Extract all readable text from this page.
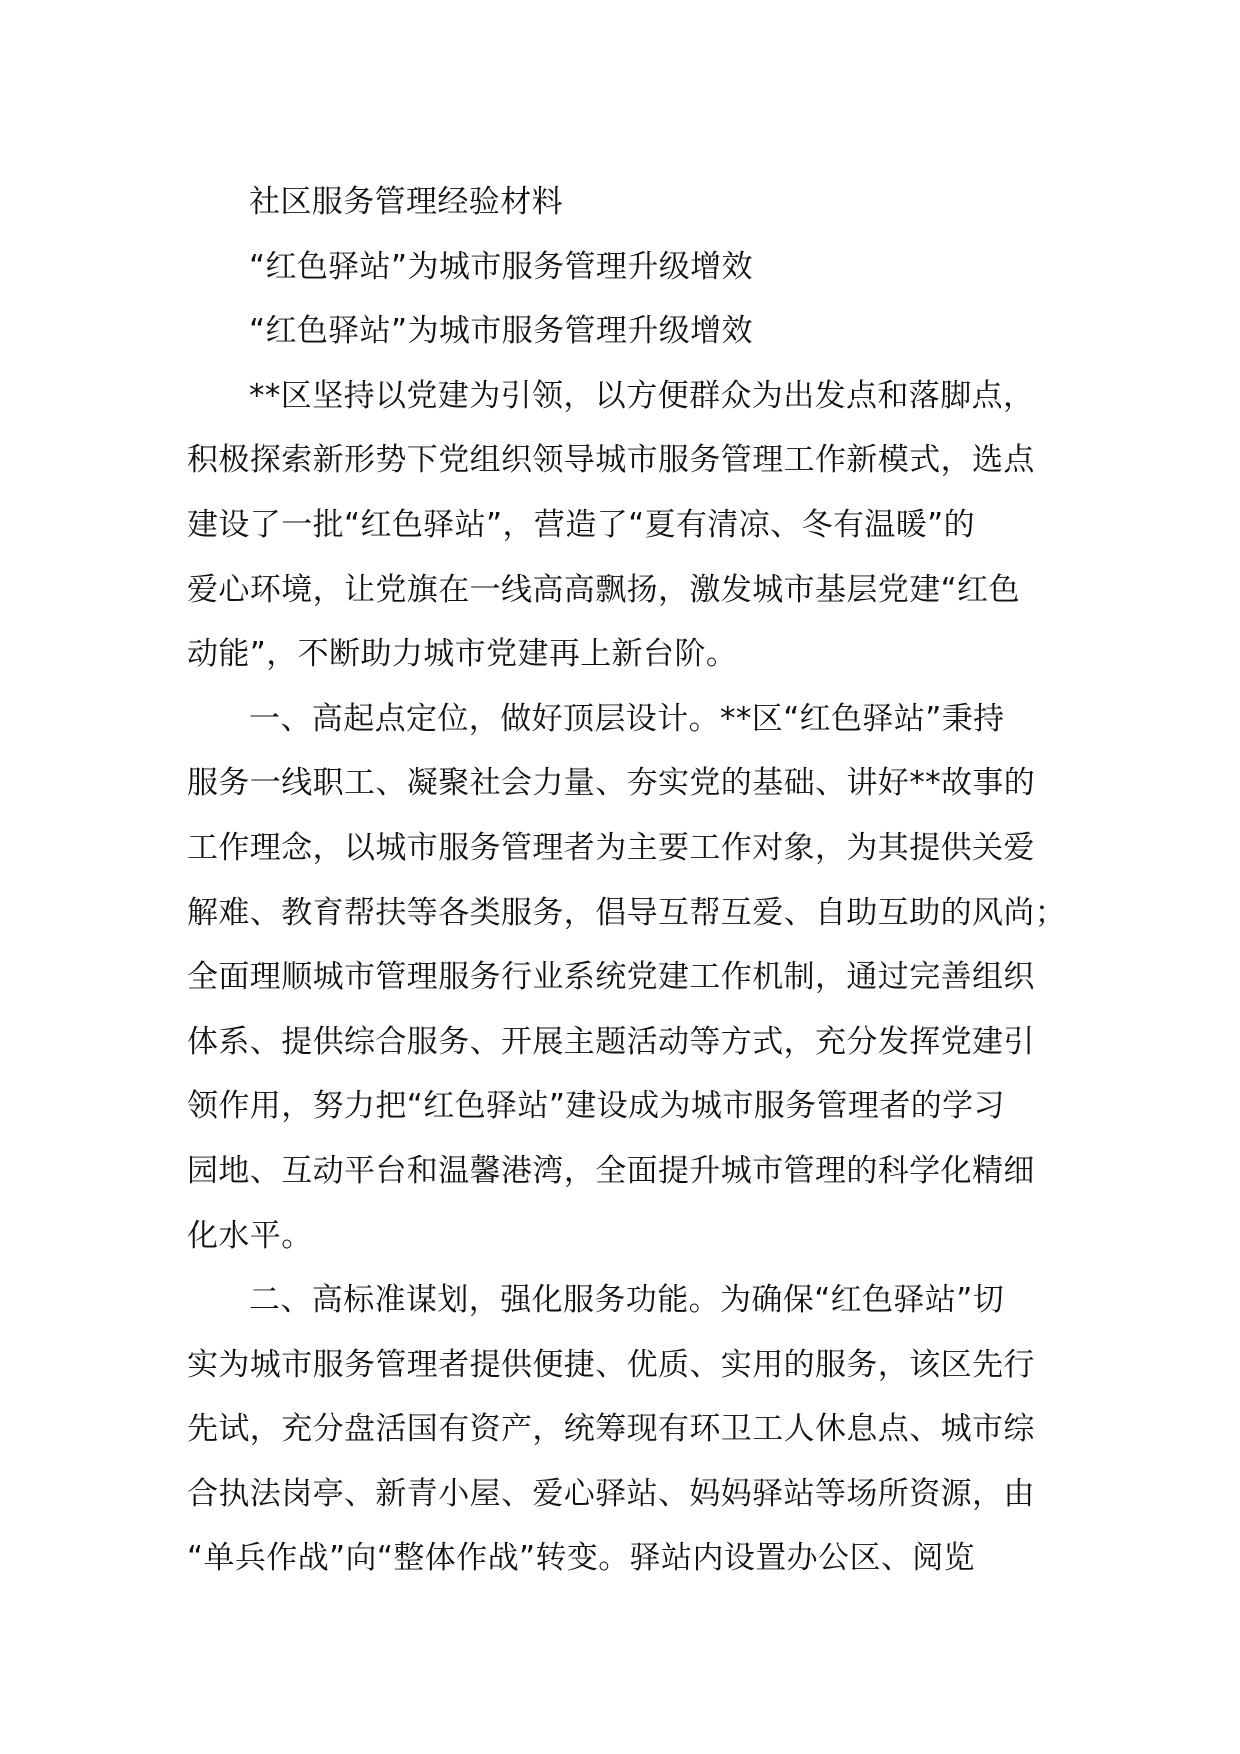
社区服务管理经验材料
“红色驿站”为城市服务管理升级增效
“红色驿站”为城市服务管理升级增效
**区坚持以党建为引领，以方便群众为出发点和落脚点，
积极探索新形势下党组织领导城市服务管理工作新模式，选点
建设了一批“红色驿站”，营造了“夏有清凉、冬有温暖”的
爱心环境，让党旗在一线高高飘扬，激发城市基层党建“红色
动能”，不断助力城市党建再上新台阶。
一、高起点定位，做好顶层设计。**区“红色驿站”秉持
服务一线职工、凝聚社会力量、夯实党的基础、讲好**故事的
工作理念，以城市服务管理者为主要工作对象，为其提供关爱
解难、教育帮扶等各类服务，倡导互帮互爱、自助互助的风尚；
全面理顺城市管理服务行业系统党建工作机制，通过完善组织
体系、提供综合服务、开展主题活动等方式，充分发挥党建引
领作用，努力把“红色驿站”建设成为城市服务管理者的学习
园地、互动平台和温馨港湾，全面提升城市管理的科学化精细
化水平。
二、高标准谋划，强化服务功能。为确保“红色驿站”切
实为城市服务管理者提供便捷、优质、实用的服务，该区先行
先试，充分盘活国有资产，统筹现有环卫工人休息点、城市综
合执法岗亭、新青小屋、爱心驿站、妈妈驿站等场所资源，由
“单兵作战”向“整体作战”转变。驿站内设置办公区、阅览
